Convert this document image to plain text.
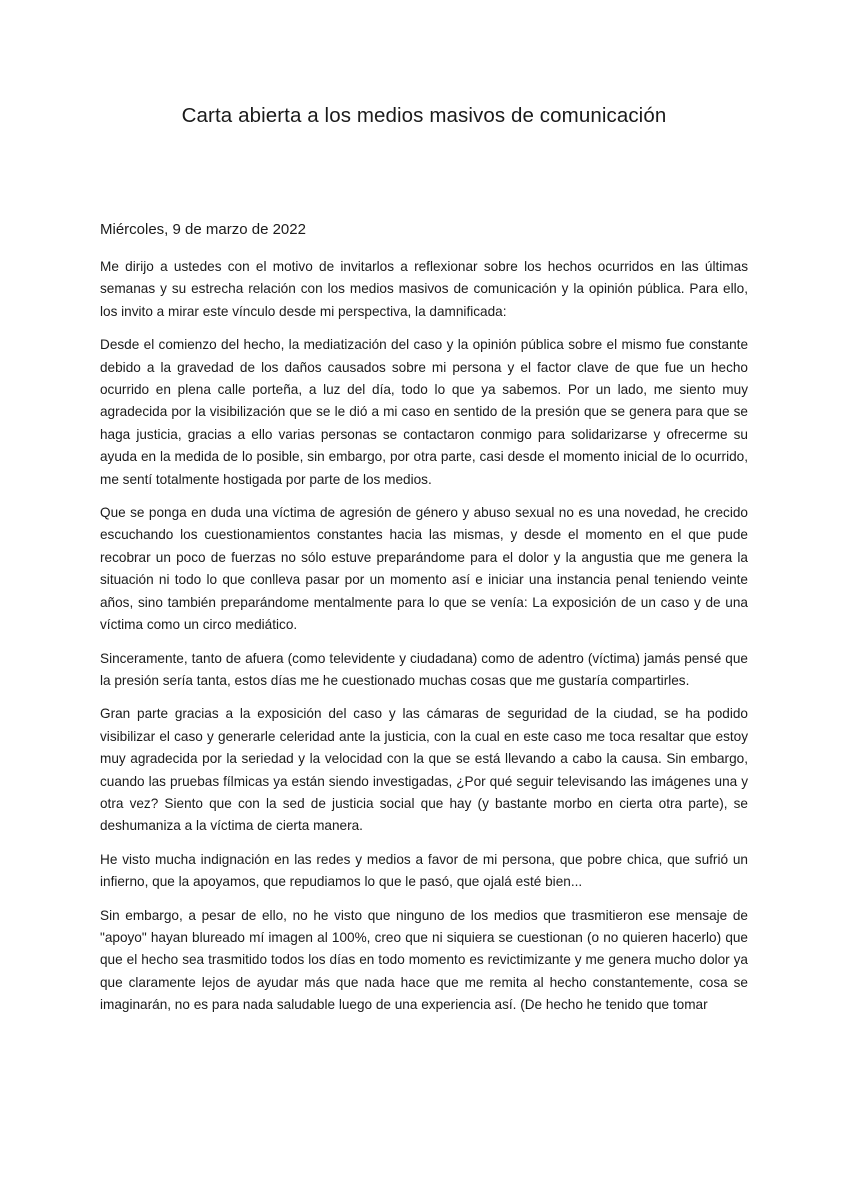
Carta abierta a los medios masivos de comunicación

Miércoles, 9 de marzo de 2022

Me dirijo a ustedes con el motivo de invitarlos a reflexionar sobre los hechos ocurridos en las últimas semanas y su estrecha relación con los medios masivos de comunicación y la opinión pública. Para ello, los invito a mirar este vínculo desde mi perspectiva, la damnificada:

Desde el comienzo del hecho, la mediatización del caso y la opinión pública sobre el mismo fue constante debido a la gravedad de los daños causados sobre mi persona y el factor clave de que fue un hecho ocurrido en plena calle porteña, a luz del día, todo lo que ya sabemos. Por un lado, me siento muy agradecida por la visibilización que se le dió a mi caso en sentido de la presión que se genera para que se haga justicia, gracias a ello varias personas se contactaron conmigo para solidarizarse y ofrecerme su ayuda en la medida de lo posible, sin embargo, por otra parte, casi desde el momento inicial de lo ocurrido, me sentí totalmente hostigada por parte de los medios.

Que se ponga en duda una víctima de agresión de género y abuso sexual no es una novedad, he crecido escuchando los cuestionamientos constantes hacia las mismas, y desde el momento en el que pude recobrar un poco de fuerzas no sólo estuve preparándome para el dolor y la angustia que me genera la situación ni todo lo que conlleva pasar por un momento así e iniciar una instancia penal teniendo veinte años, sino también preparándome mentalmente para lo que se venía: La exposición de un caso y de una víctima como un circo mediático.

Sinceramente, tanto de afuera (como televidente y ciudadana) como de adentro (víctima) jamás pensé que la presión sería tanta, estos días me he cuestionado muchas cosas que me gustaría compartirles.

Gran parte gracias a la exposición del caso y las cámaras de seguridad de la ciudad, se ha podido visibilizar el caso y generarle celeridad ante la justicia, con la cual en este caso me toca resaltar que estoy muy agradecida por la seriedad y la velocidad con la que se está llevando a cabo la causa. Sin embargo, cuando las pruebas fílmicas ya están siendo investigadas, ¿Por qué seguir televisando las imágenes una y otra vez? Siento que con la sed de justicia social que hay (y bastante morbo en cierta otra parte), se deshumaniza a la víctima de cierta manera.

He visto mucha indignación en las redes y medios a favor de mi persona, que pobre chica, que sufrió un infierno, que la apoyamos, que repudiamos lo que le pasó, que ojalá esté bien...

Sin embargo, a pesar de ello, no he visto que ninguno de los medios que trasmitieron ese mensaje de "apoyo" hayan blureado mí imagen al 100%, creo que ni siquiera se cuestionan (o no quieren hacerlo) que que el hecho sea trasmitido todos los días en todo momento es revictimizante y me genera mucho dolor ya que claramente lejos de ayudar más que nada hace que me remita al hecho constantemente, cosa se imaginarán, no es para nada saludable luego de una experiencia así. (De hecho he tenido que tomar
